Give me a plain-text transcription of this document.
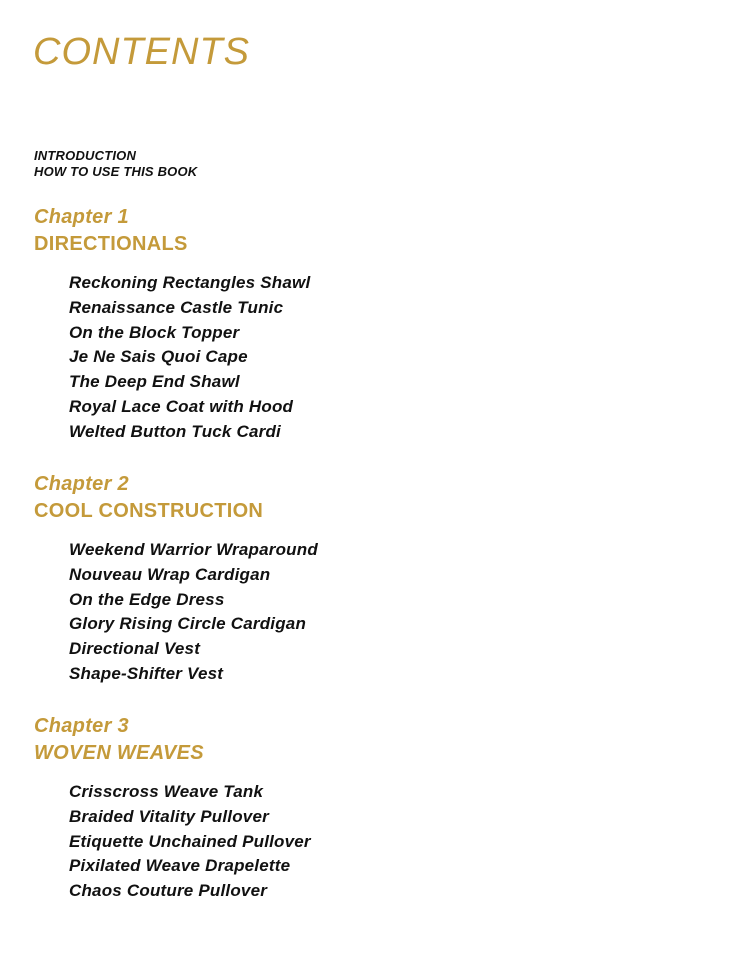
CONTENTS
INTRODUCTION
HOW TO USE THIS BOOK
Chapter 1
DIRECTIONALS
Reckoning Rectangles Shawl
Renaissance Castle Tunic
On the Block Topper
Je Ne Sais Quoi Cape
The Deep End Shawl
Royal Lace Coat with Hood
Welted Button Tuck Cardi
Chapter 2
COOL CONSTRUCTION
Weekend Warrior Wraparound
Nouveau Wrap Cardigan
On the Edge Dress
Glory Rising Circle Cardigan
Directional Vest
Shape-Shifter Vest
Chapter 3
WOVEN WEAVES
Crisscross Weave Tank
Braided Vitality Pullover
Etiquette Unchained Pullover
Pixilated Weave Drapelette
Chaos Couture Pullover
